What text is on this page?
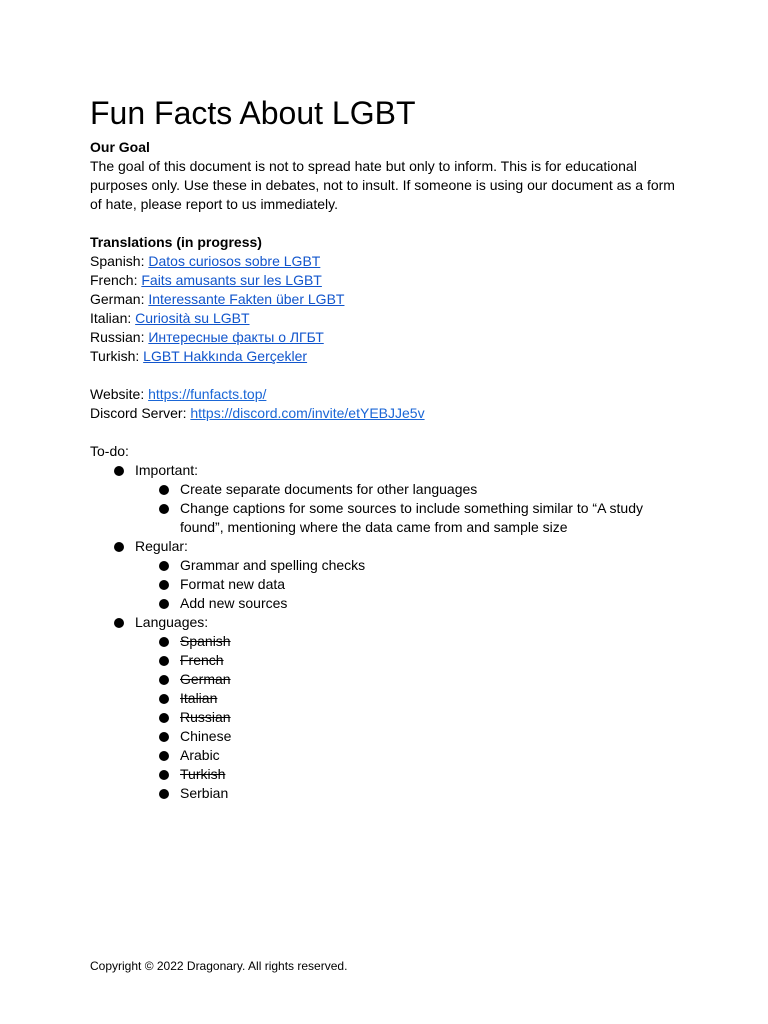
Fun Facts About LGBT

Our Goal

The goal of this document is not to spread hate but only to inform. This is for educational purposes only. Use these in debates, not to insult. If someone is using our document as a form of hate, please report to us immediately.

Translations (in progress)

Spanish: Datos curiosos sobre LGBT

French: Faits amusants sur les LGBT

German: Interessante Fakten über LGBT

Italian: Curiosità su LGBT

Russian: Интересные факты о ЛГБТ

Turkish: LGBT Hakkında Gerçekler

Website: https://funfacts.top/

Discord Server: https://discord.com/invite/etYEBJJe5v

To-do:

Important:
Create separate documents for other languages
Change captions for some sources to include something similar to “A study found”, mentioning where the data came from and sample size
Regular:
Grammar and spelling checks
Format new data
Add new sources
Languages:
Spanish
French
German
Italian
Russian
Chinese
Arabic
Turkish
Serbian
Copyright © 2022 Dragonary. All rights reserved.
